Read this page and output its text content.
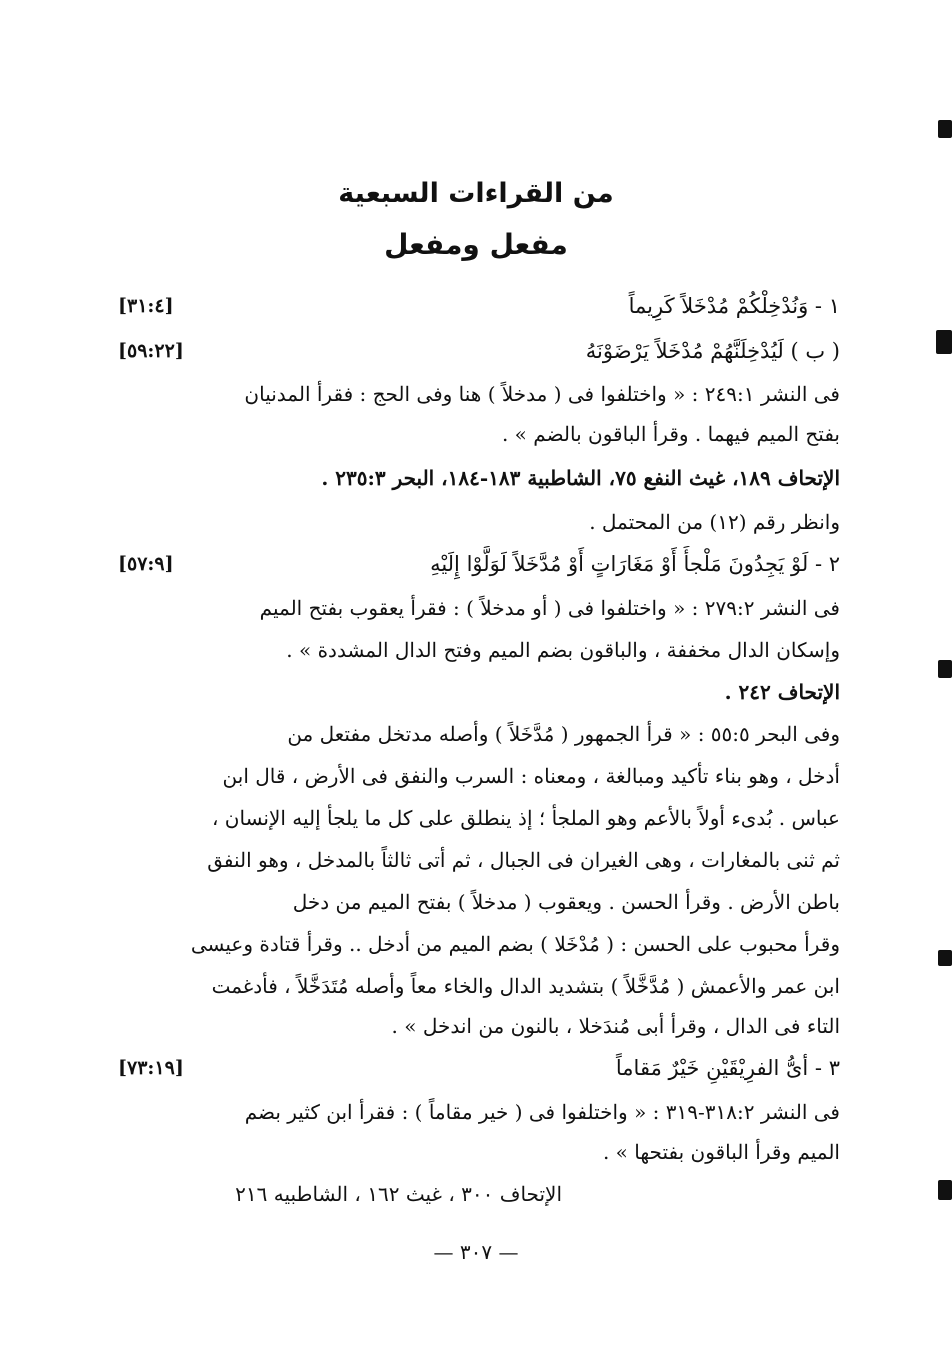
من القراءات السبعية
مفعل ومفعل
١ - وَنُدْخِلْكُمْ مُدْخَلاً كَرِيماً
[٣١:٤]
( ب ) لَيُدْخِلَنَّهُمْ مُدْخَلاً يَرْضَوْنَهُ
[٥٩:٢٢]
فى النشر ٢٤٩:١ : « واختلفوا فى ( مدخلاً ) هنا وفى الحج : فقرأ المدنيان
بفتح الميم فيهما . وقرأ الباقون بالضم » .
الإتحاف ١٨٩، غيث النفع ٧٥، الشاطبية ١٨٣-١٨٤، البحر ٢٣٥:٣ .
وانظر رقم (١٢) من المحتمل .
٢ - لَوْ يَجِدُونَ مَلْجأً أَوْ مَغَارَاتٍ أَوْ مُدَّخَلاً لَوَلَّوْا إِلَيْهِ
[٥٧:٩]
فى النشر ٢٧٩:٢ : « واختلفوا فى ( أو مدخلاً ) : فقرأ يعقوب بفتح الميم
وإسكان الدال مخففة ، والباقون بضم الميم وفتح الدال المشددة » .
الإتحاف ٢٤٢ .
وفى البحر ٥٥:٥ : « قرأ الجمهور ( مُدَّخَلاً ) وأصله مدتخل مفتعل من
أدخل ، وهو بناء تأكيد ومبالغة ، ومعناه : السرب والنفق فى الأرض ، قال ابن
عباس . بُدىء أولاً بالأعم وهو الملجأ ؛ إذ ينطلق على كل ما يلجأ إليه الإنسان ،
ثم ثنى بالمغارات ، وهى الغيران فى الجبال ، ثم أتى ثالثاً بالمدخل ، وهو النفق
باطن الأرض . وقرأ الحسن . ويعقوب ( مدخلاً ) بفتح الميم من دخل
وقرأ محبوب على الحسن : ( مُدْخَلا ) بضم الميم من أدخل .. وقرأ قتادة وعيسى
ابن عمر والأعمش ( مُدَّخَّلاً ) بتشديد الدال والخاء معاً وأصله مُتَدَخَّلاً ، فأدغمت
التاء فى الدال ، وقرأ أبى مُندَخلا ، بالنون من اندخل » .
٣ - أىُّ الفرِيْقَيْنِ خَيْرٌ مَقاماً
[٧٣:١٩]
فى النشر ٣١٨:٢-٣١٩ : « واختلفوا فى ( خير مقاماً ) : فقرأ ابن كثير بضم
الميم وقرأ الباقون بفتحها » .
الإتحاف ٣٠٠ ، غيث ١٦٢ ، الشاطبيه ٢١٦
— ٣٠٧ —
